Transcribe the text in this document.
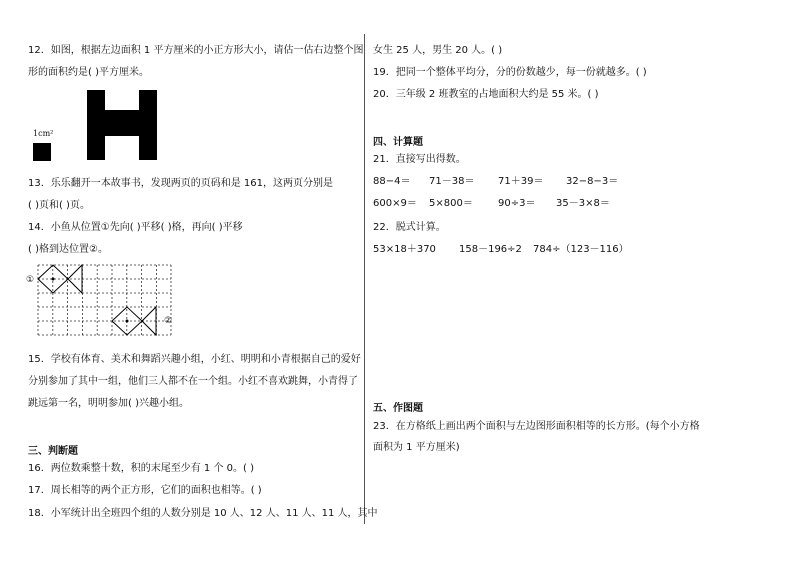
12．如图，根据左边面积 1 平方厘米的小正方形大小，请估一估右边整个图
形的面积约是( )平方厘米。
1cm²
13．乐乐翻开一本故事书，发现两页的页码和是 161，这两页分别是
( )页和( )页。
14．小鱼从位置①先向( )平移( )格，再向( )平移
( )格到达位置②。
①
②
15．学校有体育、美术和舞蹈兴趣小组，小红、明明和小青根据自己的爱好
分别参加了其中一组，他们三人都不在一个组。小红不喜欢跳舞，小青得了
跳远第一名，明明参加( )兴趣小组。
三、判断题
16．两位数乘整十数，积的末尾至少有 1 个 0。( )
17．周长相等的两个正方形，它们的面积也相等。( )
18．小军统计出全班四个组的人数分别是 10 人、12 人、11 人、11 人，其中
女生 25 人，男生 20 人。( )
19．把同一个整体平均分，分的份数越少，每一份就越多。( )
20．三年级 2 班教室的占地面积大约是 55 米。( )
四、计算题
21．直接写出得数。
88−4＝ 71－38＝ 71＋39＝ 32−8−3＝
600×9＝ 5×800＝	90÷3＝ 35－3×8＝
22．脱式计算。
53×18＋370 158－196÷2 784÷（123－116）
五、作图题
23．在方格纸上画出两个面积与左边图形面积相等的长方形。(每个小方格
面积为 1 平方厘米)
